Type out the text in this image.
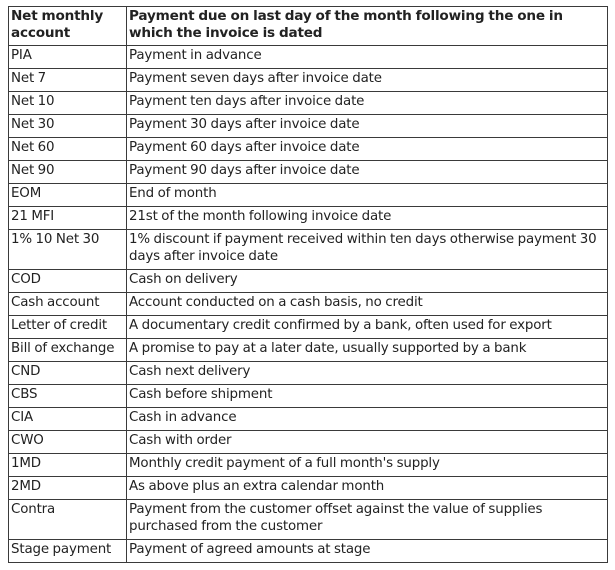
Net monthly account	Payment due on last day of the month following the one in which the invoice is dated
PIA	Payment in advance
Net 7	Payment seven days after invoice date
Net 10	Payment ten days after invoice date
Net 30	Payment 30 days after invoice date
Net 60	Payment 60 days after invoice date
Net 90	Payment 90 days after invoice date
EOM	End of month
21 MFI	21st of the month following invoice date
1% 10 Net 30	1% discount if payment received within ten days otherwise payment 30 days after invoice date
COD	Cash on delivery
Cash account	Account conducted on a cash basis, no credit
Letter of credit	A documentary credit confirmed by a bank, often used for export
Bill of exchange	A promise to pay at a later date, usually supported by a bank
CND	Cash next delivery
CBS	Cash before shipment
CIA	Cash in advance
CWO	Cash with order
1MD	Monthly credit payment of a full month's supply
2MD	As above plus an extra calendar month
Contra	Payment from the customer offset against the value of supplies purchased from the customer
Stage payment	Payment of agreed amounts at stage
